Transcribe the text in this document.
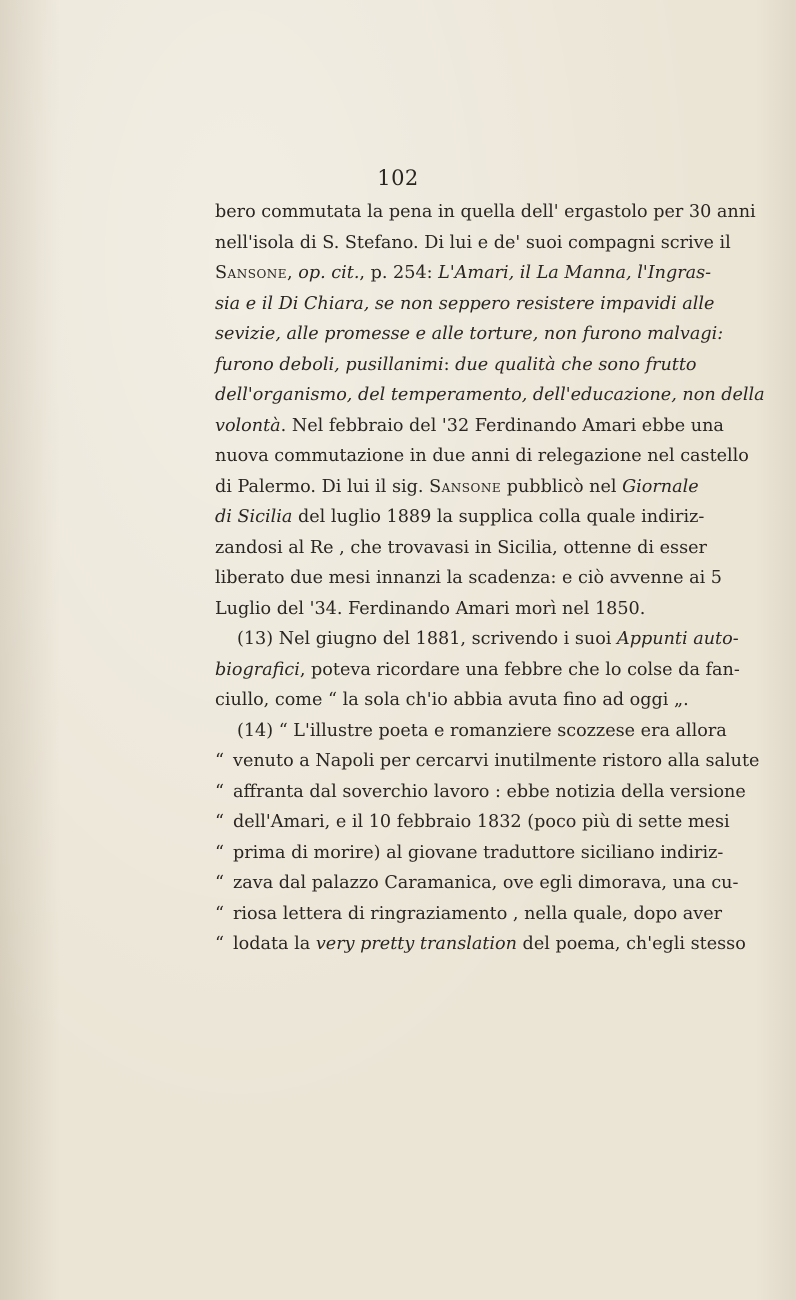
102
bero commutata la pena in quella dell' ergastolo per 30 anni
nell'isola di S. Stefano. Di lui e de' suoi compagni scrive il
Sansone, op. cit., p. 254: L'Amari, il La Manna, l'Ingras-
sia e il Di Chiara, se non seppero resistere impavidi alle
sevizie, alle promesse e alle torture, non furono malvagi:
furono deboli, pusillanimi: due qualità che sono frutto
dell'organismo, del temperamento, dell'educazione, non della
volontà. Nel febbraio del '32 Ferdinando Amari ebbe una
nuova commutazione in due anni di relegazione nel castello
di Palermo. Di lui il sig. Sansone pubblicò nel Giornale
di Sicilia del luglio 1889 la supplica colla quale indiriz-
zandosi al Re , che trovavasi in Sicilia, ottenne di esser
liberato due mesi innanzi la scadenza: e ciò avvenne ai 5
Luglio del '34. Ferdinando Amari morì nel 1850.
(13) Nel giugno del 1881, scrivendo i suoi Appunti auto-
biografici, poteva ricordare una febbre che lo colse da fan-
ciullo, come “ la sola ch'io abbia avuta fino ad oggi „.
(14) “ L'illustre poeta e romanziere scozzese era allora
“ venuto a Napoli per cercarvi inutilmente ristoro alla salute
“ affranta dal soverchio lavoro : ebbe notizia della versione
“ dell'Amari, e il 10 febbraio 1832 (poco più di sette mesi
“ prima di morire) al giovane traduttore siciliano indiriz-
“ zava dal palazzo Caramanica, ove egli dimorava, una cu-
“ riosa lettera di ringraziamento , nella quale, dopo aver
“ lodata la very pretty translation del poema, ch'egli stesso
